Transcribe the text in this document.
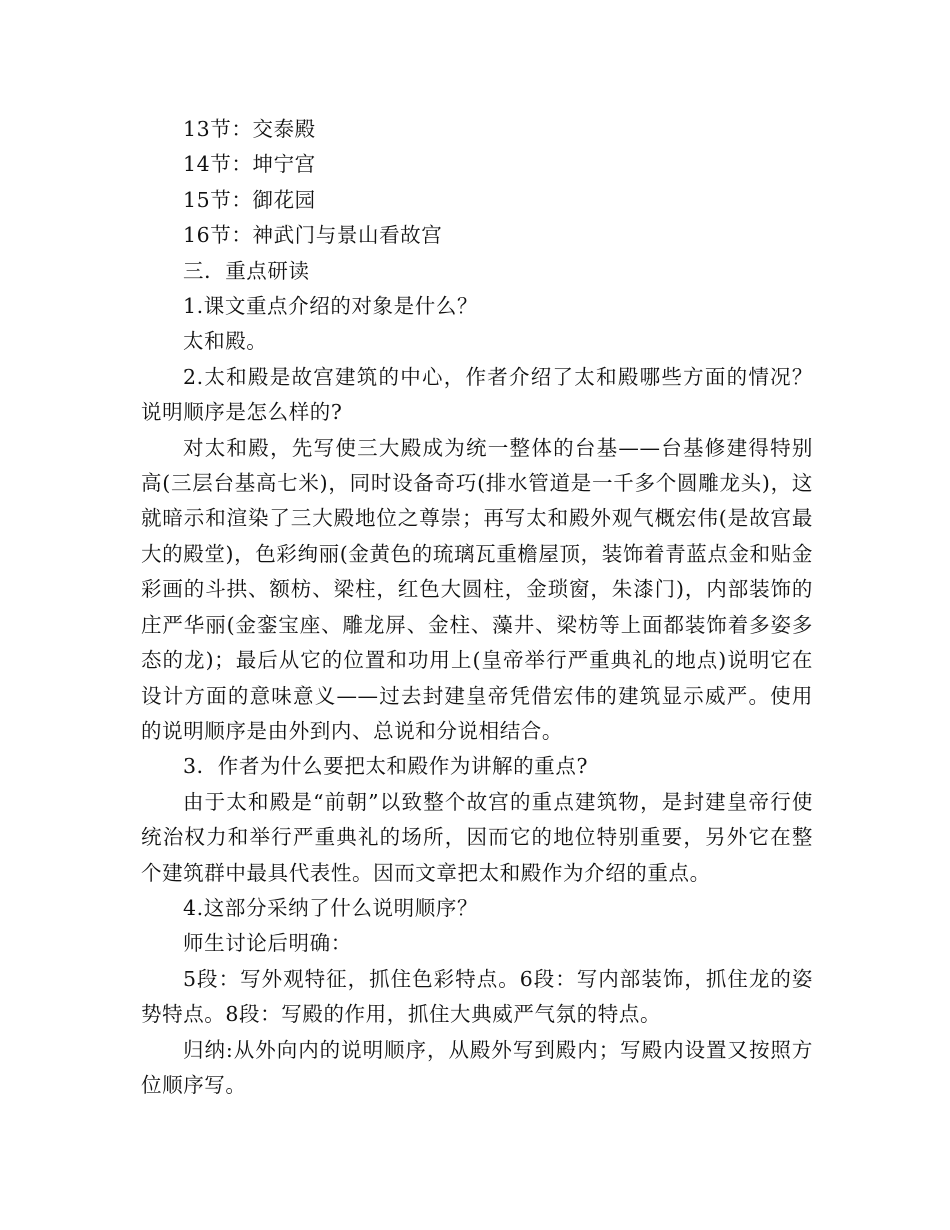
13节：交泰殿

14节：坤宁宫

15节：御花园

16节：神武门与景山看故宫

三．重点研读

1.课文重点介绍的对象是什么？

太和殿。

2.太和殿是故宫建筑的中心，作者介绍了太和殿哪些方面的情况？说明顺序是怎么样的?

对太和殿，先写使三大殿成为统一整体的台基——台基修建得特别高(三层台基高七米)，同时设备奇巧(排水管道是一千多个圆雕龙头)，这就暗示和渲染了三大殿地位之尊崇；再写太和殿外观气概宏伟(是故宫最大的殿堂)，色彩绚丽(金黄色的琉璃瓦重檐屋顶，装饰着青蓝点金和贴金彩画的斗拱、额枋、梁柱，红色大圆柱，金琐窗，朱漆门)，内部装饰的庄严华丽(金銮宝座、雕龙屏、金柱、藻井、梁枋等上面都装饰着多姿多态的龙)；最后从它的位置和功用上(皇帝举行严重典礼的地点)说明它在设计方面的意味意义——过去封建皇帝凭借宏伟的建筑显示威严。使用的说明顺序是由外到内、总说和分说相结合。

3．作者为什么要把太和殿作为讲解的重点?

由于太和殿是“前朝”以致整个故宫的重点建筑物，是封建皇帝行使统治权力和举行严重典礼的场所，因而它的地位特别重要，另外它在整个建筑群中最具代表性。因而文章把太和殿作为介绍的重点。

4.这部分采纳了什么说明顺序？

师生讨论后明确：

5段：写外观特征，抓住色彩特点。6段：写内部装饰，抓住龙的姿势特点。8段：写殿的作用，抓住大典威严气氛的特点。

归纳:从外向内的说明顺序，从殿外写到殿内；写殿内设置又按照方位顺序写。
